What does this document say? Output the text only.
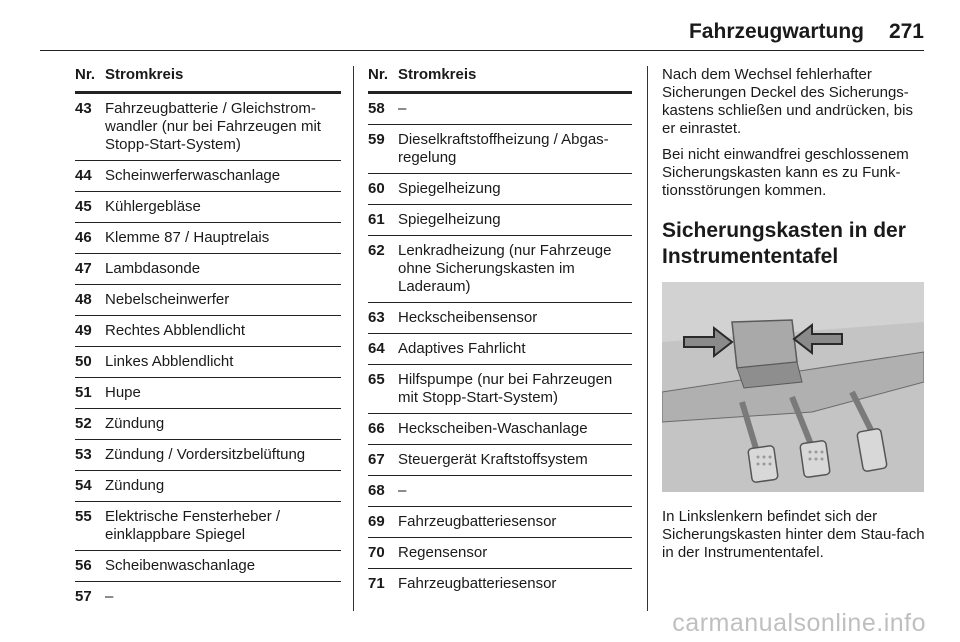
Fahrzeugwartung 271
Nr. Stromkreis
43 Fahrzeugbatterie / Gleichstrom-wandler (nur bei Fahrzeugen mit Stopp-Start-System)
44 Scheinwerferwaschanlage
45 Kühlergebläse
46 Klemme 87 / Hauptrelais
47 Lambdasonde
48 Nebelscheinwerfer
49 Rechtes Abblendlicht
50 Linkes Abblendlicht
51 Hupe
52 Zündung
53 Zündung / Vordersitzbelüftung
54 Zündung
55 Elektrische Fensterheber / einklappbare Spiegel
56 Scheibenwaschanlage
57 –
Nr. Stromkreis
58 –
59 Dieselkraftstoffheizung / Abgas-regelung
60 Spiegelheizung
61 Spiegelheizung
62 Lenkradheizung (nur Fahrzeuge ohne Sicherungskasten im Laderaum)
63 Heckscheibensensor
64 Adaptives Fahrlicht
65 Hilfspumpe (nur bei Fahrzeugen mit Stopp-Start-System)
66 Heckscheiben-Waschanlage
67 Steuergerät Kraftstoffsystem
68 –
69 Fahrzeugbatteriesensor
70 Regensensor
71 Fahrzeugbatteriesensor

Nach dem Wechsel fehlerhafter Sicherungen Deckel des Sicherungs-kastens schließen und andrücken, bis er einrastet.

Bei nicht einwandfrei geschlossenem Sicherungskasten kann es zu Funk-tionsstörungen kommen.

Sicherungskasten in der Instrumententafel

In Linkslenkern befindet sich der Sicherungskasten hinter dem Stau-fach in der Instrumententafel.

carmanualsonline.info
